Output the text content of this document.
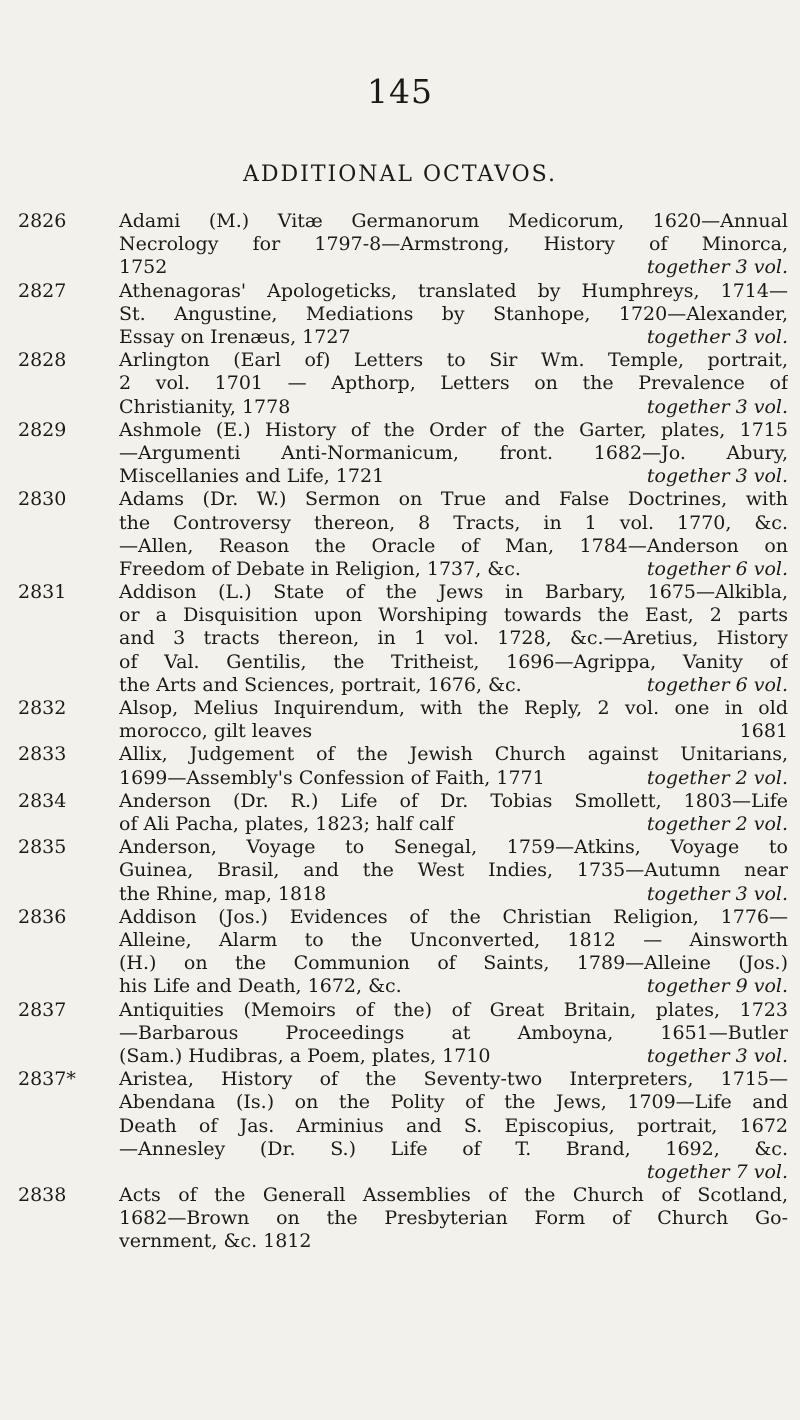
145
ADDITIONAL OCTAVOS.
2826	Adami (M.) Vitæ Germanorum Medicorum, 1620—Annual
Necrology for 1797-8—Armstrong, History of Minorca,
1752	together 3 vol.
2827	Athenagoras' Apologeticks, translated by Humphreys, 1714—
St. Angustine, Mediations by Stanhope, 1720—Alexander,
Essay on Irenæus, 1727	together 3 vol.
2828	Arlington (Earl of) Letters to Sir Wm. Temple, portrait,
2 vol. 1701 — Apthorp, Letters on the Prevalence of
Christianity, 1778	together 3 vol.
2829	Ashmole (E.) History of the Order of the Garter, plates, 1715
—Argumenti Anti-Normanicum, front. 1682—Jo. Abury,
Miscellanies and Life, 1721	together 3 vol.
2830	Adams (Dr. W.) Sermon on True and False Doctrines, with
the Controversy thereon, 8 Tracts, in 1 vol. 1770, &c.
—Allen, Reason the Oracle of Man, 1784—Anderson on
Freedom of Debate in Religion, 1737, &c.	together 6 vol.
2831	Addison (L.) State of the Jews in Barbary, 1675—Alkibla,
or a Disquisition upon Worshiping towards the East, 2 parts
and 3 tracts thereon, in 1 vol. 1728, &c.—Aretius, History
of Val. Gentilis, the Tritheist, 1696—Agrippa, Vanity of
the Arts and Sciences, portrait, 1676, &c.	together 6 vol.
2832	Alsop, Melius Inquirendum, with the Reply, 2 vol. one in old
morocco, gilt leaves	1681
2833	Allix, Judgement of the Jewish Church against Unitarians,
1699—Assembly's Confession of Faith, 1771	together 2 vol.
2834	Anderson (Dr. R.) Life of Dr. Tobias Smollett, 1803—Life
of Ali Pacha, plates, 1823; half calf	together 2 vol.
2835	Anderson, Voyage to Senegal, 1759—Atkins, Voyage to
Guinea, Brasil, and the West Indies, 1735—Autumn near
the Rhine, map, 1818	together 3 vol.
2836	Addison (Jos.) Evidences of the Christian Religion, 1776—
Alleine, Alarm to the Unconverted, 1812 — Ainsworth
(H.) on the Communion of Saints, 1789—Alleine (Jos.)
his Life and Death, 1672, &c.	together 9 vol.
2837	Antiquities (Memoirs of the) of Great Britain, plates, 1723
—Barbarous Proceedings at Amboyna, 1651—Butler
(Sam.) Hudibras, a Poem, plates, 1710	together 3 vol.
2837* Aristea, History of the Seventy-two Interpreters, 1715—
Abendana (Is.) on the Polity of the Jews, 1709—Life and
Death of Jas. Arminius and S. Episcopius, portrait, 1672
—Annesley (Dr. S.) Life of T. Brand, 1692, &c.
together 7 vol.
2838	Acts of the Generall Assemblies of the Church of Scotland,
1682—Brown on the Presbyterian Form of Church Go-
vernment, &c. 1812
